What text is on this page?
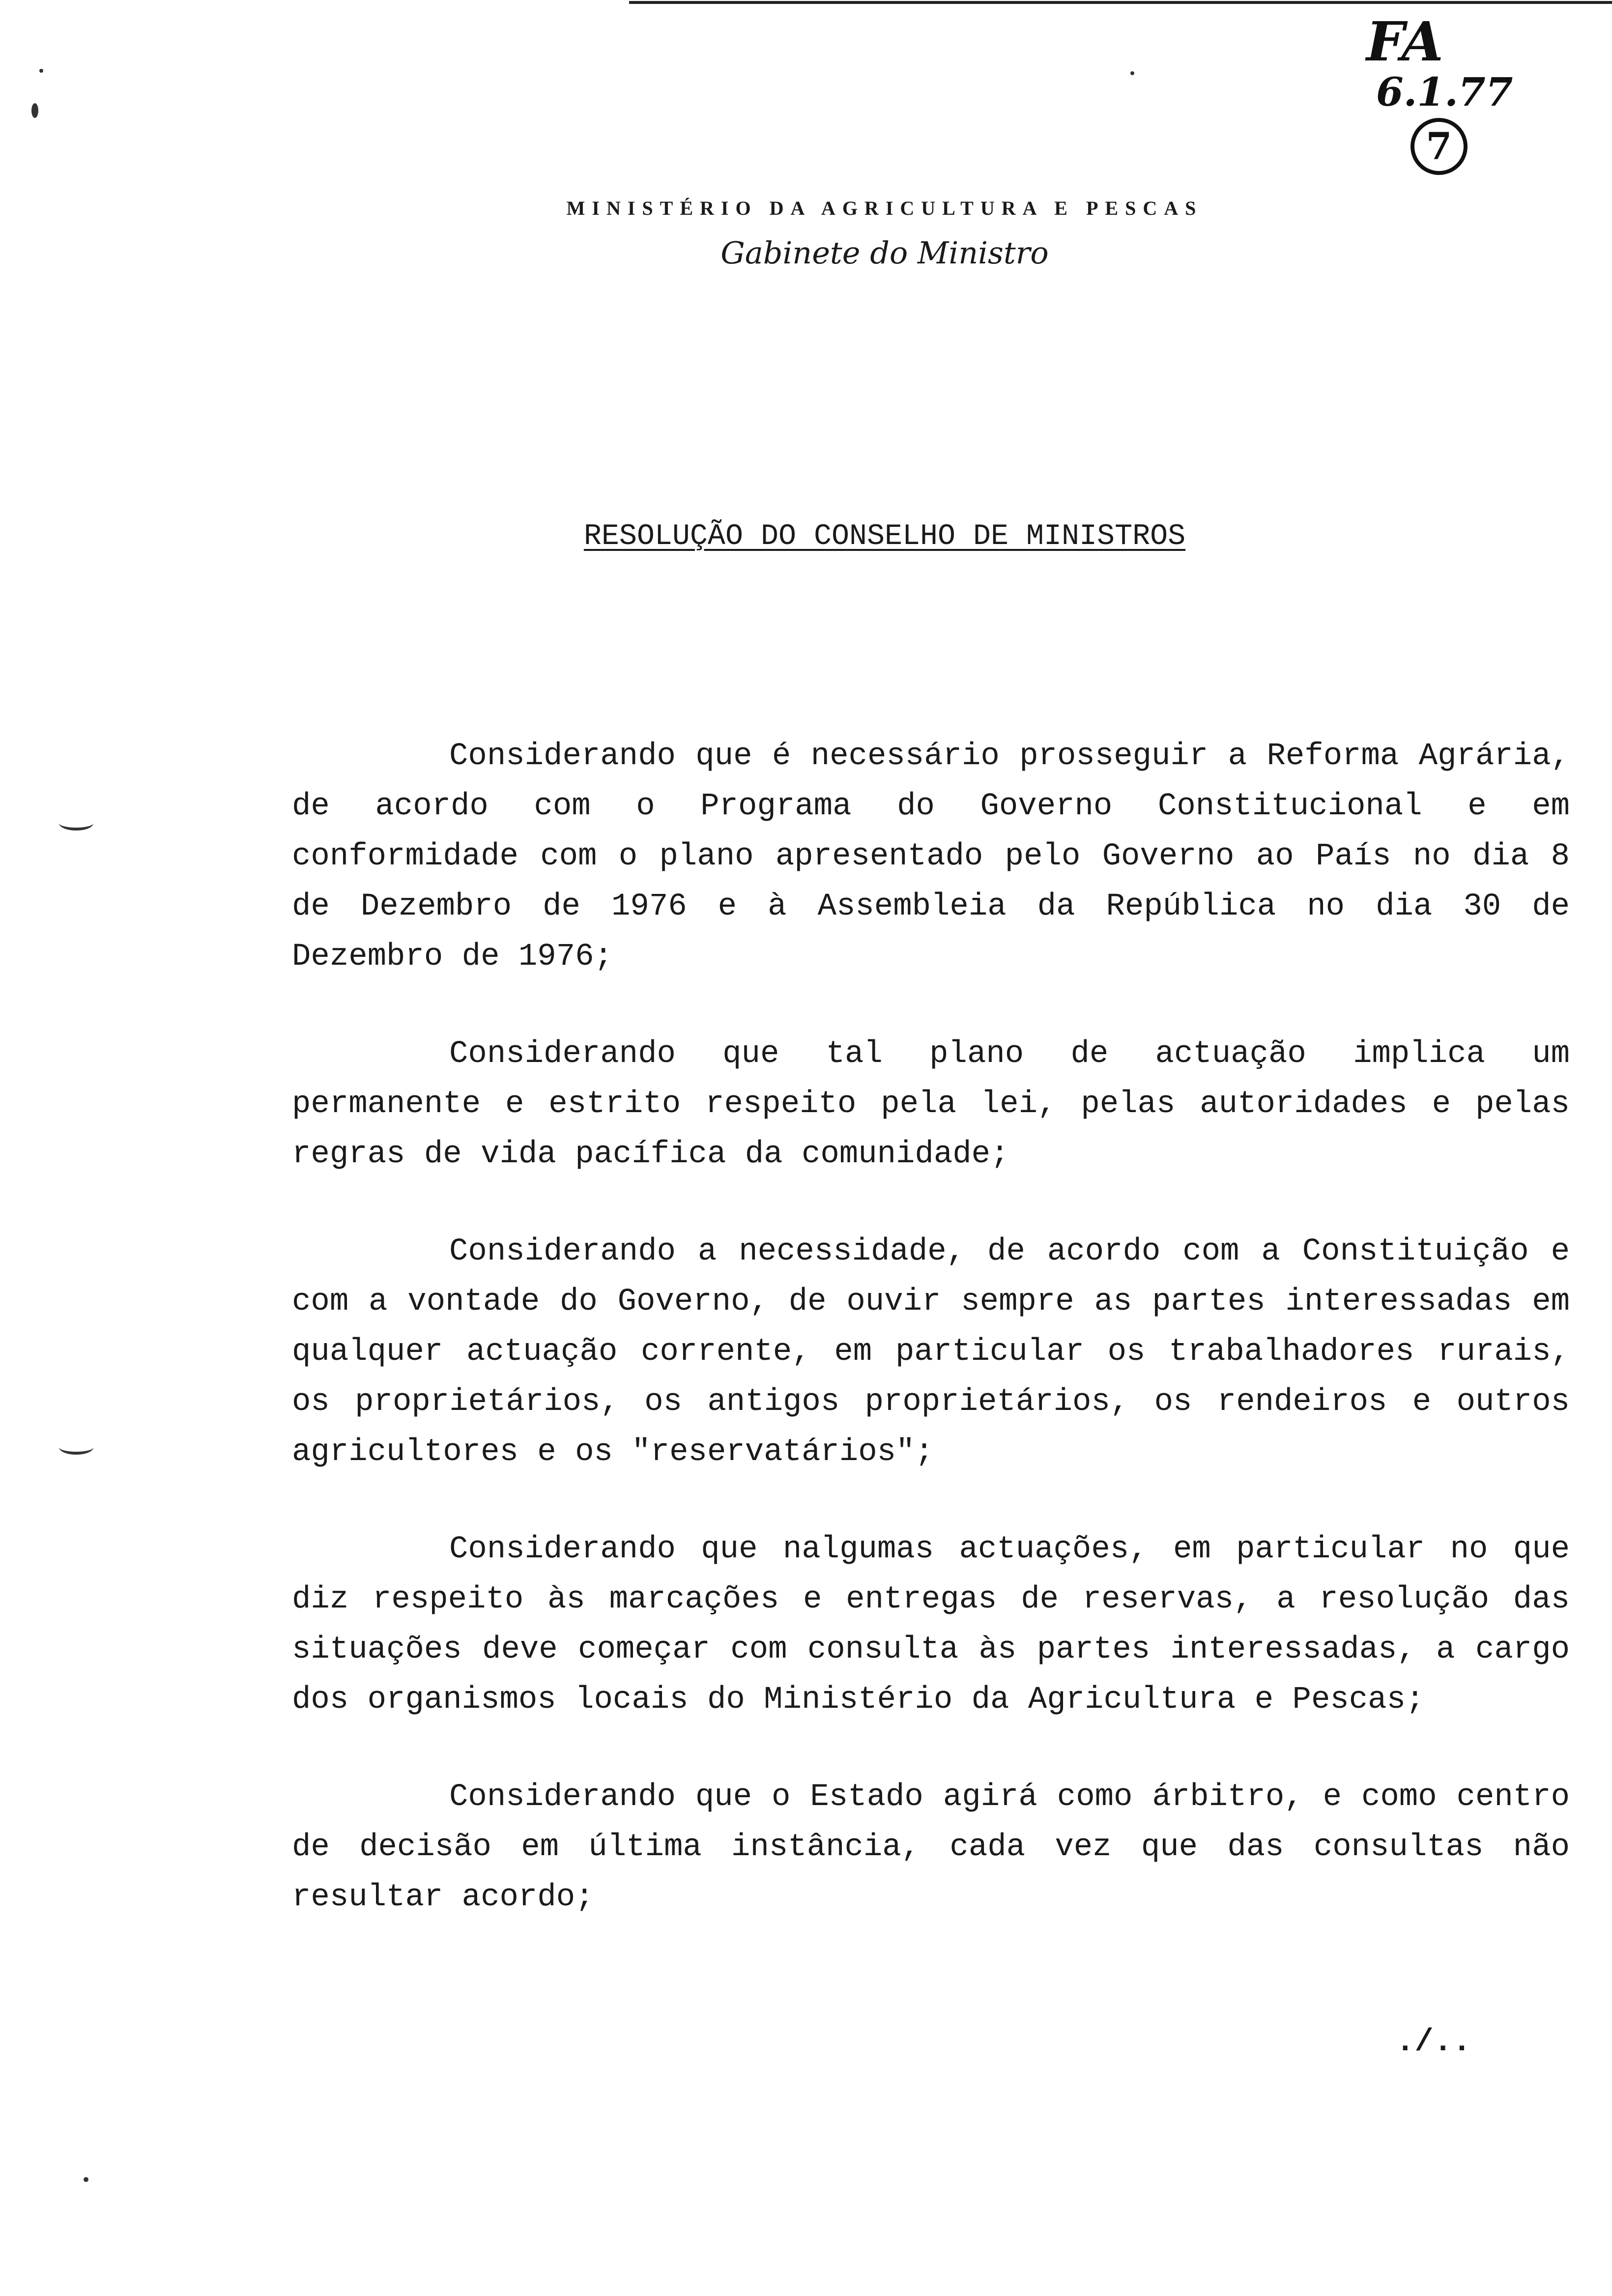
FA
6.1.77
7
MINISTÉRIO DA AGRICULTURA E PESCAS
Gabinete do Ministro
RESOLUÇÃO DO CONSELHO DE MINISTROS

Considerando que é necessário prosseguir a Reforma Agrária, de acordo com o Programa do Governo Constitucional e em conformidade com o plano apresentado pelo Governo ao País no dia 8 de Dezembro de 1976 e à Assembleia da República no dia 30 de Dezembro de 1976;

Considerando que tal plano de actuação implica um permanente e estrito respeito pela lei, pelas autoridades e pelas regras de vida pacífica da comunidade;

Considerando a necessidade, de acordo com a Constituição e com a vontade do Governo, de ouvir sempre as partes interessadas em qualquer actuação corrente, em particular os trabalhadores rurais, os proprietários, os antigos proprietários, os rendeiros e outros agricultores e os "reservatários";

Considerando que nalgumas actuações, em particular no que diz respeito às marcações e entregas de reservas, a resolução das situações deve começar com consulta às partes interessadas, a cargo dos organismos locais do Ministério da Agricultura e Pescas;

Considerando que o Estado agirá como árbitro, e como centro de decisão em última instância, cada vez que das consultas não resultar acordo;

./..
